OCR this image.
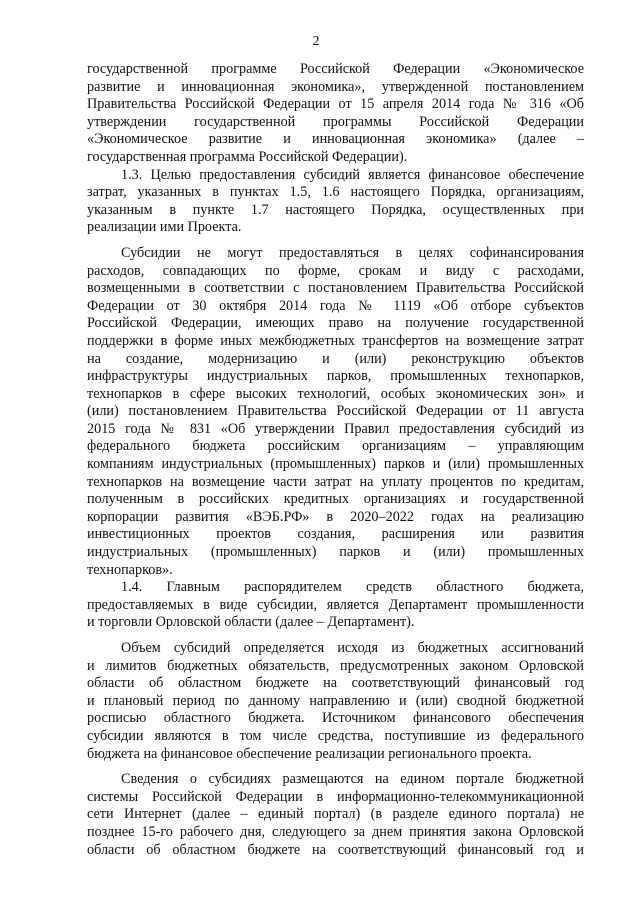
2
государственной программе Российской Федерации «Экономическое
развитие и инновационная экономика», утвержденной постановлением
Правительства Российской Федерации от 15 апреля 2014 года № 316 «Об
утверждении государственной программы Российской Федерации
«Экономическое развитие и инновационная экономика» (далее –
государственная программа Российской Федерации).
1.3. Целью предоставления субсидий является финансовое обеспечение
затрат, указанных в пунктах 1.5, 1.6 настоящего Порядка, организациям,
указанным в пункте 1.7 настоящего Порядка, осуществленных при
реализации ими Проекта.
Субсидии не могут предоставляться в целях софинансирования
расходов, совпадающих по форме, срокам и виду с расходами,
возмещенными в соответствии с постановлением Правительства Российской
Федерации от 30 октября 2014 года № 1119 «Об отборе субъектов
Российской Федерации, имеющих право на получение государственной
поддержки в форме иных межбюджетных трансфертов на возмещение затрат
на создание, модернизацию и (или) реконструкцию объектов
инфраструктуры индустриальных парков, промышленных технопарков,
технопарков в сфере высоких технологий, особых экономических зон» и
(или) постановлением Правительства Российской Федерации от 11 августа
2015 года № 831 «Об утверждении Правил предоставления субсидий из
федерального бюджета российским организациям – управляющим
компаниям индустриальных (промышленных) парков и (или) промышленных
технопарков на возмещение части затрат на уплату процентов по кредитам,
полученным в российских кредитных организациях и государственной
корпорации развития «ВЭБ.РФ» в 2020–2022 годах на реализацию
инвестиционных проектов создания, расширения или развития
индустриальных (промышленных) парков и (или) промышленных
технопарков».
1.4. Главным распорядителем средств областного бюджета,
предоставляемых в виде субсидии, является Департамент промышленности
и торговли Орловской области (далее – Департамент).
Объем субсидий определяется исходя из бюджетных ассигнований
и лимитов бюджетных обязательств, предусмотренных законом Орловской
области об областном бюджете на соответствующий финансовый год
и плановый период по данному направлению и (или) сводной бюджетной
росписью областного бюджета. Источником финансового обеспечения
субсидии являются в том числе средства, поступившие из федерального
бюджета на финансовое обеспечение реализации регионального проекта.
Сведения о субсидиях размещаются на едином портале бюджетной
системы Российской Федерации в информационно-телекоммуникационной
сети Интернет (далее – единый портал) (в разделе единого портала) не
позднее 15-го рабочего дня, следующего за днем принятия закона Орловской
области об областном бюджете на соответствующий финансовый год и
